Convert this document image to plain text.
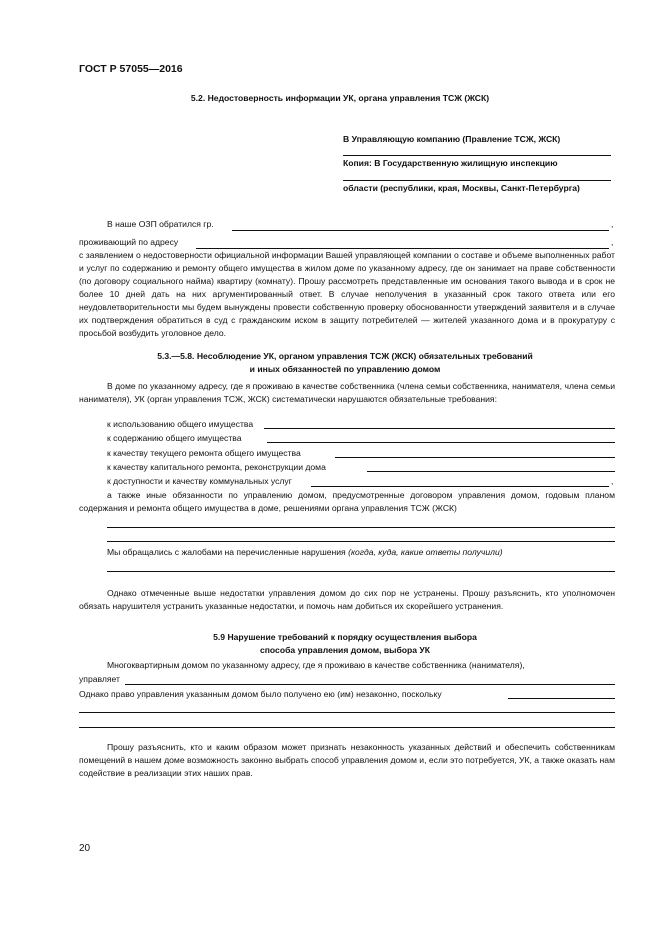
ГОСТ Р 57055—2016
5.2. Недостоверность информации УК, органа управления ТСЖ (ЖСК)
В Управляющую компанию (Правление ТСЖ, ЖСК)
Копия: В Государственную жилищную инспекцию
области (республики, края, Москвы, Санкт-Петербурга)
В наше ОЗП обратился гр.	,
проживающий по адресу	,
с заявлением о недостоверности официальной информации Вашей управляющей компании о составе и объеме выполненных работ и услуг по содержанию и ремонту общего имущества в жилом доме по указанному адресу, где он занимает на праве собственности (по договору социального найма) квартиру (комнату). Прошу рассмотреть представленные им основания такого вывода и в срок не более 10 дней дать на них аргументированный ответ. В случае неполучения в указанный срок такого ответа или его неудовлетворительности мы будем вынуждены провести собственную проверку обоснованности утверждений заявителя и в случае их подтверждения обратиться в суд с гражданским иском в защиту потребителей — жителей указанного дома и в прокуратуру с просьбой возбудить уголовное дело.
5.3.—5.8. Несоблюдение УК, органом управления ТСЖ (ЖСК) обязательных требований
и иных обязанностей по управлению домом
В доме по указанному адресу, где я проживаю в качестве собственника (члена семьи собственника, нанимателя, члена семьи нанимателя), УК (орган управления ТСЖ, ЖСК) систематически нарушаются обязательные требования:
к использованию общего имущества
к содержанию общего имущества
к качеству текущего ремонта общего имущества
к качеству капитального ремонта, реконструкции дома
к доступности и качеству коммунальных услуг	,
а также иные обязанности по управлению домом, предусмотренные договором управления домом, годовым планом содержания и ремонта общего имущества в доме, решениями органа управления ТСЖ (ЖСК)
Мы обращались с жалобами на перечисленные нарушения (когда, куда, какие ответы получили)
Однако отмеченные выше недостатки управления домом до сих пор не устранены. Прошу разъяснить, кто уполномочен обязать нарушителя устранить указанные недостатки, и помочь нам добиться их скорейшего устранения.
5.9 Нарушение требований к порядку осуществления выбора
способа управления домом, выбора УК
Многоквартирным домом по указанному адресу, где я проживаю в качестве собственника (нанимателя),
управляет
Однако право управления указанным домом было получено ею (им) незаконно, поскольку
Прошу разъяснить, кто и каким образом может признать незаконность указанных действий и обеспечить собственникам помещений в нашем доме возможность законно выбрать способ управления домом и, если это потребуется, УК, а также оказать нам содействие в реализации этих наших прав.
20
